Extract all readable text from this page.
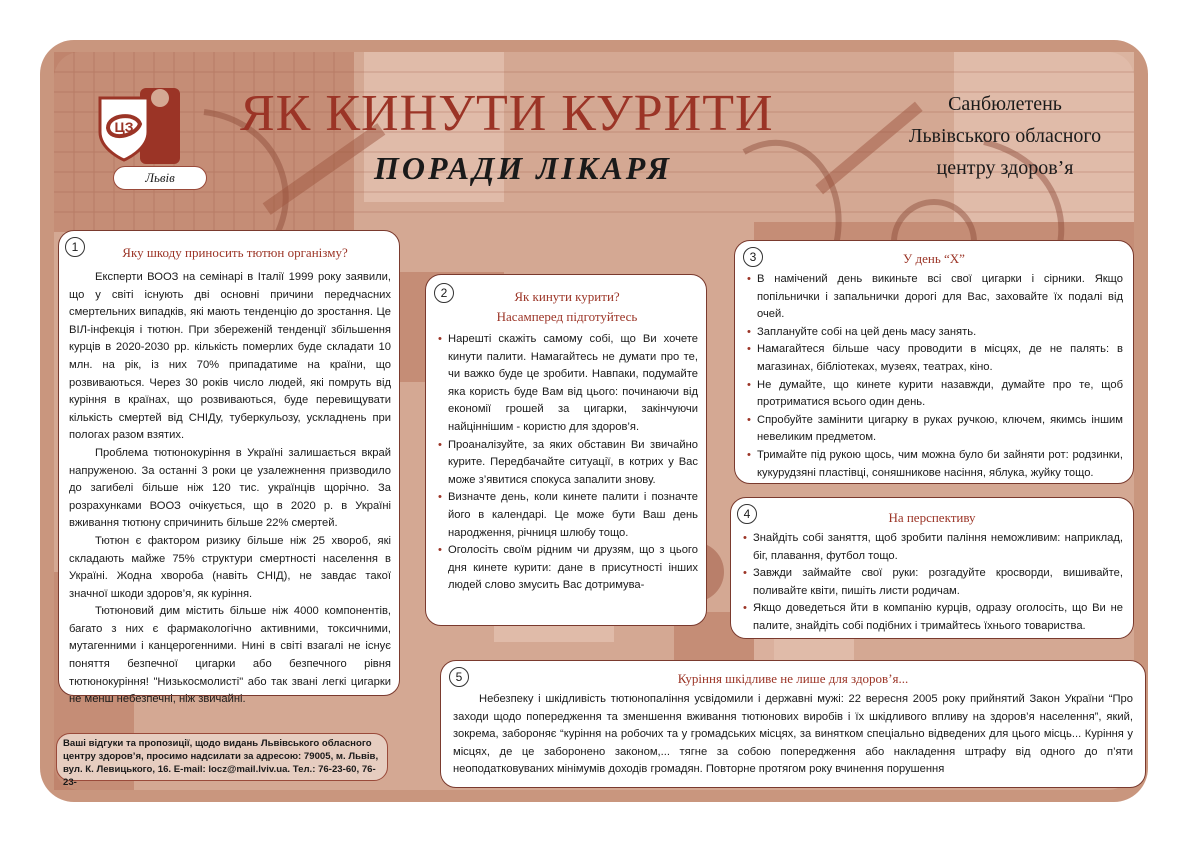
ЦЗ
Львів
ЯК КИНУТИ КУРИТИ
ПОРАДИ ЛІКАРЯ
Санбюлетень
Львівського обласного
центру здоров’я
1	Яку шкоду приносить тютюн організму?

Експерти ВООЗ на семінарі в Італії 1999 року заявили, що у світі існують дві основні причини передчасних смертельних випадків, які мають тенденцію до зростання. Це ВІЛ-інфекція і тютюн. При збереженій тенденції збільшення курців в 2020-2030 рр. кількість померлих буде складати 10 млн. на рік, із них 70% припадатиме на країни, що розвиваються. Через 30 років число людей, які помруть від куріння в країнах, що розвиваються, буде перевищувати кількість смертей від СНІДу, туберкульозу, ускладнень при пологах разом взятих.

Проблема тютюнокуріння в Україні залишається вкрай напруженою. За останні 3 роки це узалежнення призводило до загибелі більше ніж 120 тис. українців щорічно. За розрахунками ВООЗ очікується, що в 2020 р. в Україні вживання тютюну спричинить більше 22% смертей.

Тютюн є фактором ризику більше ніж 25 хвороб, які складають майже 75% структури смертності населення в Україні. Жодна хвороба (навіть СНІД), не завдає такої значної шкоди здоров’я, як куріння.

Тютюновий дим містить більше ніж 4000 компонентів, багато з них є фармакологічно активними, токсичними, мутагенними і канцерогенними. Нині в світі взагалі не існує поняття безпечної цигарки або безпечного рівня тютюнокуріння! "Низькосмолисті" або так звані легкі цигарки не менш небезпечні, ніж звичайні.

Ваші відгуки та пропозиції, щодо видань Львівського обласного центру здоров’я, просимо надсилати за адресою: 79005, м. Львів, вул. К. Левицького, 16. E-mail: locz@mail.lviv.ua. Тел.: 76-23-60, 76-23-
2	Як кинути курити?
Насамперед підготуйтесь
• Нарешті скажіть самому собі, що Ви хочете кинути палити. Намагайтесь не думати про те, чи важко буде це зробити. Навпаки, подумайте яка користь буде Вам від цього: починаючи від економії грошей за цигарки, закінчуючи найціннішим - користю для здоров’я.
• Проаналізуйте, за яких обставин Ви звичайно курите. Передбачайте ситуації, в котрих у Вас може з’явитися спокуса запалити знову.
• Визначте день, коли кинете палити і позначте його в календарі. Це може бути Ваш день народження, річниця шлюбу тощо.
• Оголосіть своїм рідним чи друзям, що з цього дня кинете курити: дане в присутності інших людей слово змусить Вас дотримува-
3	У день “Х”
• В намічений день викиньте всі свої цигарки і сірники. Якщо попільнички і запальнички дорогі для Вас, заховайте їх подалі від очей.
• Заплануйте собі на цей день масу занять.
• Намагайтеся більше часу проводити в місцях, де не палять: в магазинах, бібліотеках, музеях, театрах, кіно.
• Не думайте, що кинете курити назавжди, думайте про те, щоб протриматися всього один день.
• Спробуйте замінити цигарку в руках ручкою, ключем, якимсь іншим невеликим предметом.
• Тримайте під рукою щось, чим можна було би зайняти рот: родзинки, кукурудзяні пластівці, соняшникове насіння, яблука, жуйку тощо.
4	На перспективу
• Знайдіть собі заняття, щоб зробити паління неможливим: наприклад, біг, плавання, футбол тощо.
• Завжди займайте свої руки: розгадуйте кросворди, вишивайте, поливайте квіти, пишіть листи родичам.
• Якщо доведеться йти в компанію курців, одразу оголосіть, що Ви не палите, знайдіть собі подібних і тримайтесь їхнього товариства.
5	Куріння шкідливе не лише для здоров’я...

Небезпеку і шкідливість тютюнопаління усвідомили і державні мужі: 22 вересня 2005 року прийнятий Закон України “Про заходи щодо попередження та зменшення вживання тютюнових виробів і їх шкідливого впливу на здоров’я населення”, який, зокрема, забороняє “куріння на робочих та у громадських місцях, за винятком спеціально відведених для цього місць... Куріння у місцях, де це заборонено законом,... тягне за собою попередження або накладення штрафу від одного до п’яти неоподатковуваних мінімумів доходів громадян. Повторне протягом року вчинення порушення
